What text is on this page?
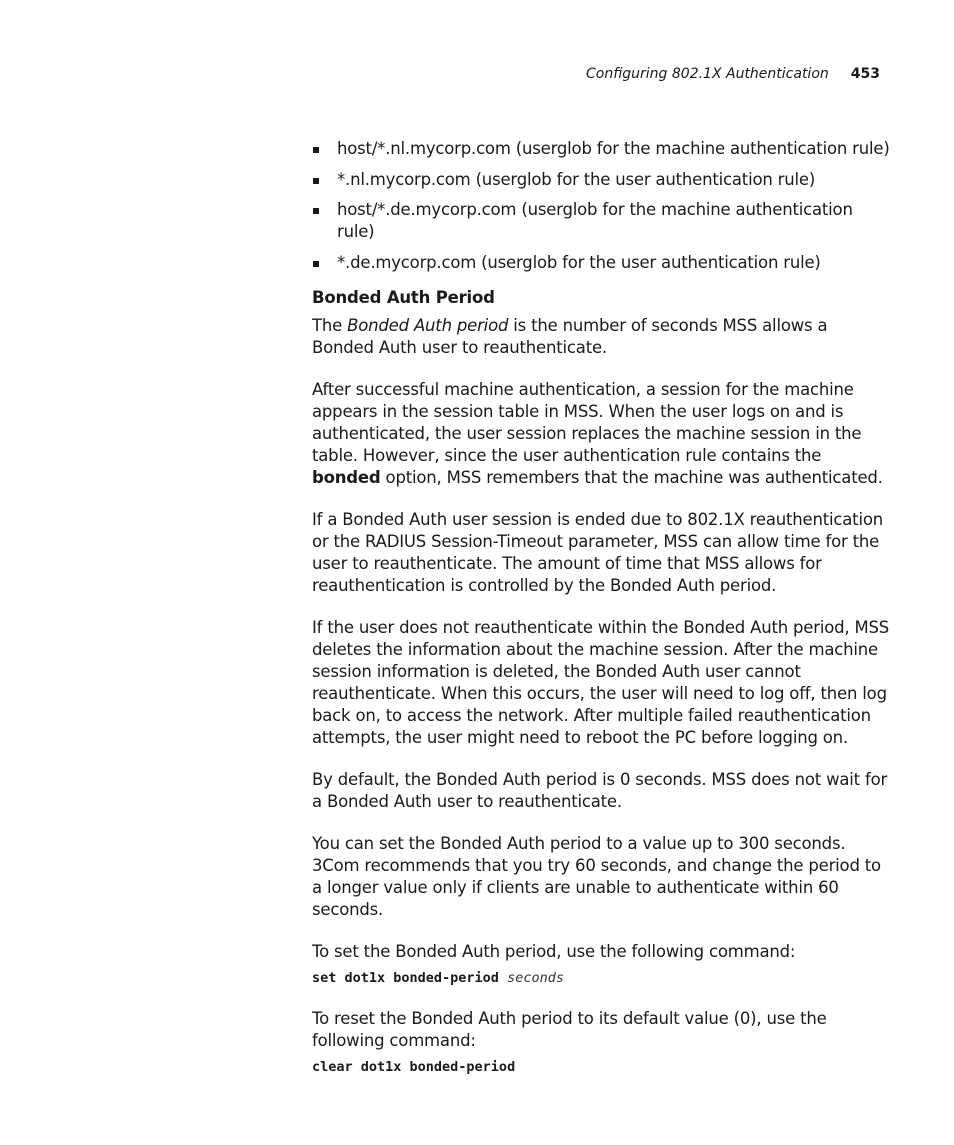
Configuring 802.1X Authentication 453
host/*.nl.mycorp.com (userglob for the machine authentication rule)
*.nl.mycorp.com (userglob for the user authentication rule)
host/*.de.mycorp.com (userglob for the machine authentication rule)
*.de.mycorp.com (userglob for the user authentication rule)
Bonded Auth Period

The Bonded Auth period is the number of seconds MSS allows a Bonded Auth user to reauthenticate.

After successful machine authentication, a session for the machine appears in the session table in MSS. When the user logs on and is authenticated, the user session replaces the machine session in the table. However, since the user authentication rule contains the bonded option, MSS remembers that the machine was authenticated.

If a Bonded Auth user session is ended due to 802.1X reauthentication or the RADIUS Session-Timeout parameter, MSS can allow time for the user to reauthenticate. The amount of time that MSS allows for reauthentication is controlled by the Bonded Auth period.

If the user does not reauthenticate within the Bonded Auth period, MSS deletes the information about the machine session. After the machine session information is deleted, the Bonded Auth user cannot reauthenticate. When this occurs, the user will need to log off, then log back on, to access the network. After multiple failed reauthentication attempts, the user might need to reboot the PC before logging on.

By default, the Bonded Auth period is 0 seconds. MSS does not wait for a Bonded Auth user to reauthenticate.

You can set the Bonded Auth period to a value up to 300 seconds. 3Com recommends that you try 60 seconds, and change the period to a longer value only if clients are unable to authenticate within 60 seconds.

To set the Bonded Auth period, use the following command:

set dot1x bonded-period seconds

To reset the Bonded Auth period to its default value (0), use the following command:

clear dot1x bonded-period
